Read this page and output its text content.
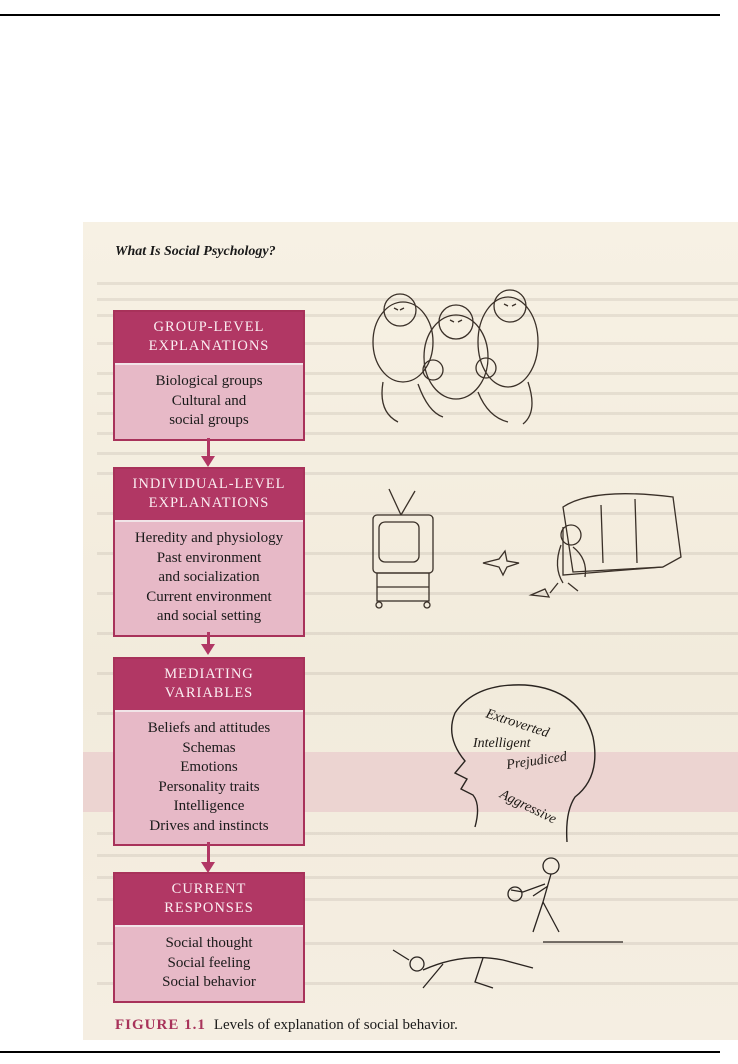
What Is Social Psychology?
GROUP-LEVEL
EXPLANATIONS
Biological groups
Cultural and
social groups
INDIVIDUAL-LEVEL
EXPLANATIONS
Heredity and physiology
Past environment
and socialization
Current environment
and social setting
MEDIATING
VARIABLES
Beliefs and attitudes
Schemas
Emotions
Personality traits
Intelligence
Drives and instincts
CURRENT
RESPONSES
Social thought
Social feeling
Social behavior
Extroverted
Intelligent
Prejudiced
Aggressive
FIGURE 1.1 Levels of explanation of social behavior.
